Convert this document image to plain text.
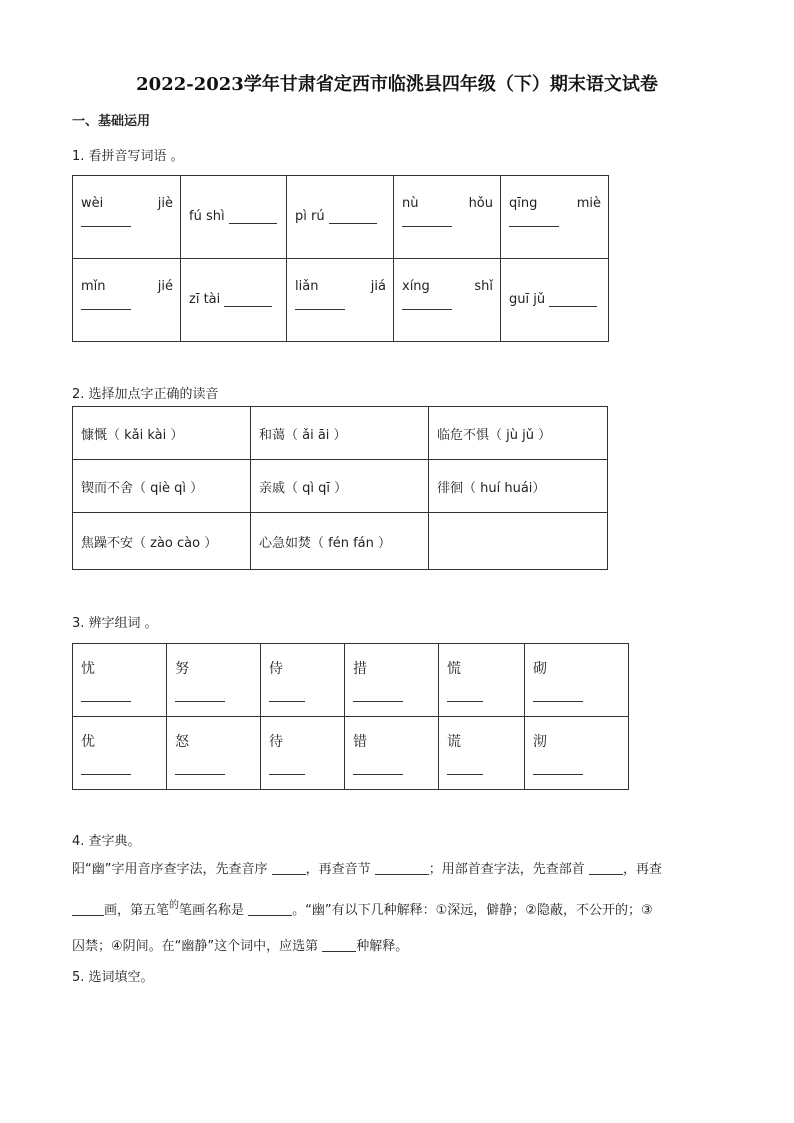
2022-2023学年甘肃省定西市临洮县四年级（下）期末语文试卷
一、基础运用
1. 看拼音写词语 。
wèi jiè	fú shì	pì rú	nù hǒu	qīng miè

mǐn jié	zī tài	liǎn jiá	xíng shǐ	guī jǔ
2. 选择加点字正确的读音
慷慨（ kǎi kài ）	和蔼（ ǎi āi ）	临危不惧（ jù jǔ ）
锲而不舍（ qiè qì ）	亲戚（ qì qī ）	徘徊（ huí huái）
焦躁不安（ zào cào ）	心急如焚（ fén fán ）	
3. 辨字组词 。
忧	努	侍	措	慌	砌

优	怒	待	错	谎	沏
4. 查字典。
阳“幽”字用音序查字法，先查音序	，再查音节	；用部首查字法，先查部首	，再查
画，第五笔$^的$笔画名称是	。“幽”有以下几种解释：①深远，僻静；②隐蔽，不公开的；③
囚禁；④阴间。在“幽静”这个词中，应选第	种解释。
5. 选词填空。
